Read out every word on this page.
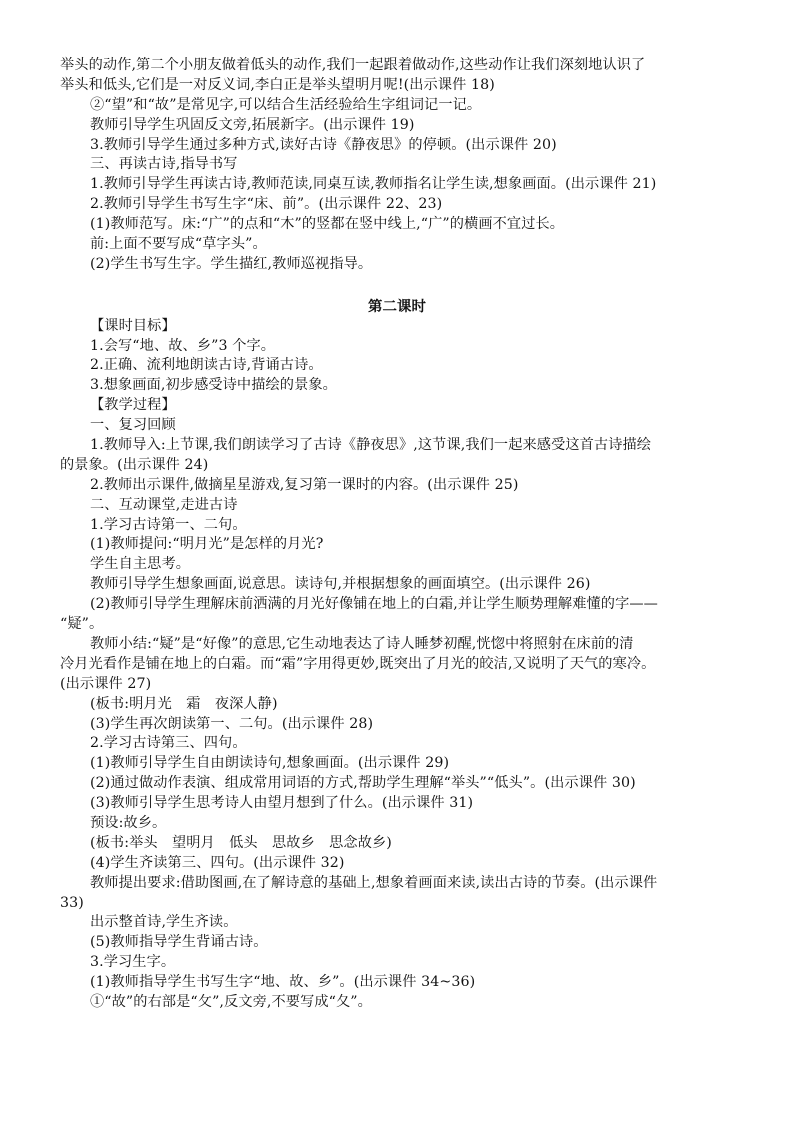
举头的动作,第二个小朋友做着低头的动作,我们一起跟着做动作,这些动作让我们深刻地认识了
举头和低头,它们是一对反义词,李白正是举头望明月呢!(出示课件 18)
②“望”和“故”是常见字,可以结合生活经验给生字组词记一记。
教师引导学生巩固反文旁,拓展新字。(出示课件 19)
3.教师引导学生通过多种方式,读好古诗《静夜思》的停顿。(出示课件 20)
三、再读古诗,指导书写
1.教师引导学生再读古诗,教师范读,同桌互读,教师指名让学生读,想象画面。(出示课件 21)
2.教师引导学生书写生字“床、前”。(出示课件 22、23)
(1)教师范写。床:“广”的点和“木”的竖都在竖中线上,“广”的横画不宜过长。
前:上面不要写成“草字头”。
(2)学生书写生字。学生描红,教师巡视指导。
第二课时
【课时目标】
1.会写“地、故、乡”3 个字。
2.正确、流利地朗读古诗,背诵古诗。
3.想象画面,初步感受诗中描绘的景象。
【教学过程】
一、复习回顾
1.教师导入:上节课,我们朗读学习了古诗《静夜思》,这节课,我们一起来感受这首古诗描绘
的景象。(出示课件 24)
2.教师出示课件,做摘星星游戏,复习第一课时的内容。(出示课件 25)
二、互动课堂,走进古诗
1.学习古诗第一、二句。
(1)教师提问:“明月光”是怎样的月光?
学生自主思考。
教师引导学生想象画面,说意思。读诗句,并根据想象的画面填空。(出示课件 26)
(2)教师引导学生理解床前洒满的月光好像铺在地上的白霜,并让学生顺势理解难懂的字——
“疑”。
教师小结:“疑”是“好像”的意思,它生动地表达了诗人睡梦初醒,恍惚中将照射在床前的清
冷月光看作是铺在地上的白霜。而“霜”字用得更妙,既突出了月光的皎洁,又说明了天气的寒冷。
(出示课件 27)
(板书:明月光　霜　夜深人静)
(3)学生再次朗读第一、二句。(出示课件 28)
2.学习古诗第三、四句。
(1)教师引导学生自由朗读诗句,想象画面。(出示课件 29)
(2)通过做动作表演、组成常用词语的方式,帮助学生理解“举头”“低头”。(出示课件 30)
(3)教师引导学生思考诗人由望月想到了什么。(出示课件 31)
预设:故乡。
(板书:举头　望明月　低头　思故乡　思念故乡)
(4)学生齐读第三、四句。(出示课件 32)
教师提出要求:借助图画,在了解诗意的基础上,想象着画面来读,读出古诗的节奏。(出示课件
33)
出示整首诗,学生齐读。
(5)教师指导学生背诵古诗。
3.学习生字。
(1)教师指导学生书写生字“地、故、乡”。(出示课件 34~36)
①“故”的右部是“攵”,反文旁,不要写成“夂”。
